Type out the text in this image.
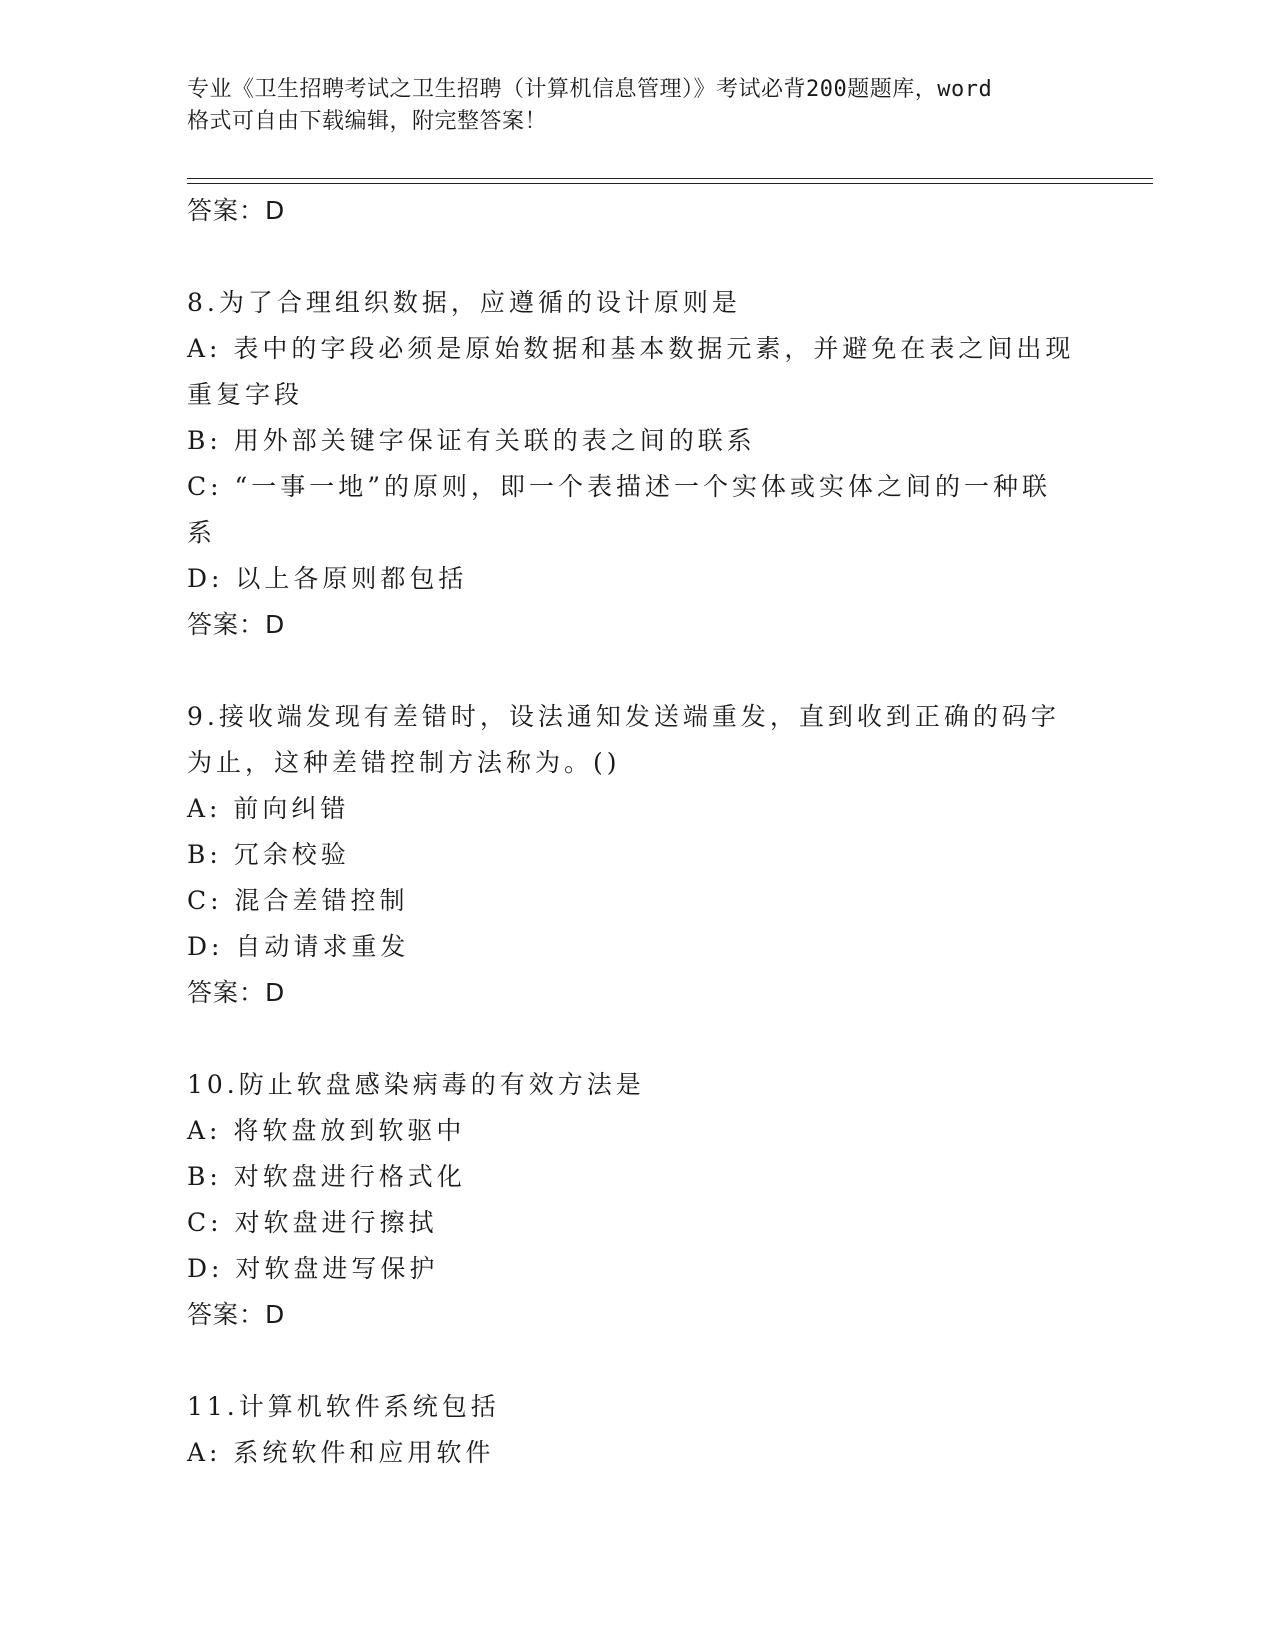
专业《卫生招聘考试之卫生招聘（计算机信息管理）》考试必背200题题库，word
格式可自由下载编辑，附完整答案！
答案：D
8.为了合理组织数据，应遵循的设计原则是
A: 表中的字段必须是原始数据和基本数据元素，并避免在表之间出现
重复字段
B: 用外部关键字保证有关联的表之间的联系
C: “一事一地”的原则，即一个表描述一个实体或实体之间的一种联
系
D: 以上各原则都包括
答案：D
9.接收端发现有差错时，设法通知发送端重发，直到收到正确的码字
为止，这种差错控制方法称为。()
A: 前向纠错
B: 冗余校验
C: 混合差错控制
D: 自动请求重发
答案：D
10.防止软盘感染病毒的有效方法是
A: 将软盘放到软驱中
B: 对软盘进行格式化
C: 对软盘进行擦拭
D: 对软盘进写保护
答案：D
11.计算机软件系统包括
A: 系统软件和应用软件
